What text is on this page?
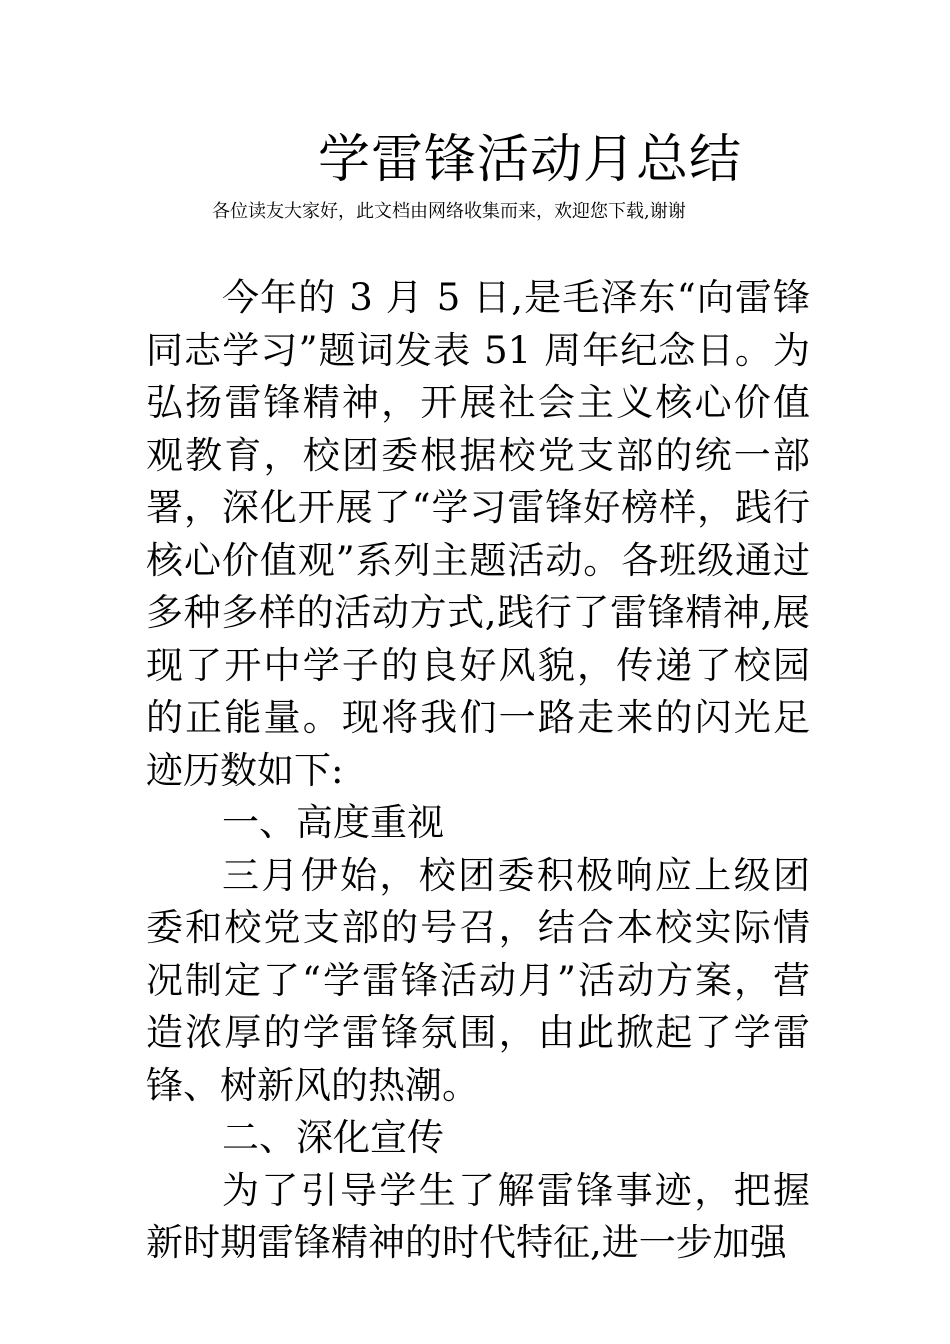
学雷锋活动月总结
各位读友大家好，此文档由网络收集而来，欢迎您下载,谢谢

今年的 3 月 5 日,是毛泽东“向雷锋同志学习”题词发表 51 周年纪念日。为弘扬雷锋精神，开展社会主义核心价值观教育，校团委根据校党支部的统一部署，深化开展了“学习雷锋好榜样，践行核心价值观”系列主题活动。各班级通过多种多样的活动方式,践行了雷锋精神,展现了开中学子的良好风貌，传递了校园的正能量。现将我们一路走来的闪光足迹历数如下:

一、高度重视

三月伊始，校团委积极响应上级团委和校党支部的号召，结合本校实际情况制定了“学雷锋活动月”活动方案，营造浓厚的学雷锋氛围，由此掀起了学雷锋、树新风的热潮。

二、深化宣传

为了引导学生了解雷锋事迹，把握新时期雷锋精神的时代特征,进一步加强
